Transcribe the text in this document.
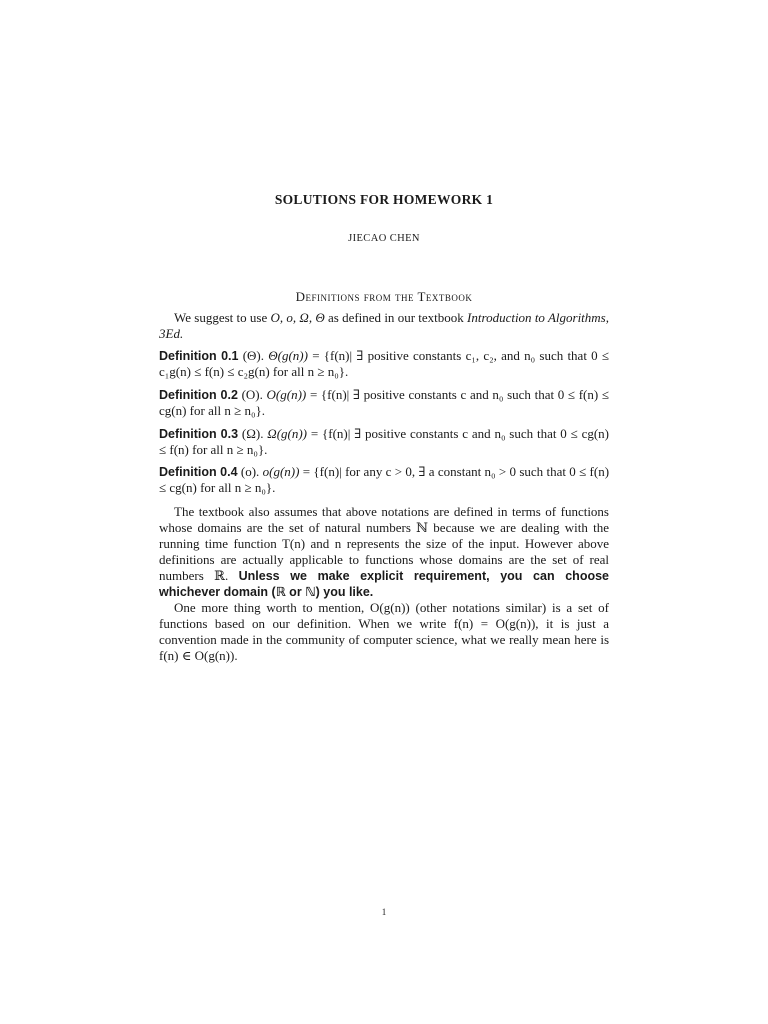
SOLUTIONS FOR HOMEWORK 1
JIECAO CHEN
Definitions from the Textbook

We suggest to use O, o, Ω, Θ as defined in our textbook Introduction to Algorithms, 3Ed.

Definition 0.1 (Θ). Θ(g(n)) = {f(n)| ∃ positive constants c₁, c₂, and n₀ such that 0 ≤ c₁g(n) ≤ f(n) ≤ c₂g(n) for all n ≥ n₀}.

Definition 0.2 (O). O(g(n)) = {f(n)| ∃ positive constants c and n₀ such that 0 ≤ f(n) ≤ cg(n) for all n ≥ n₀}.

Definition 0.3 (Ω). Ω(g(n)) = {f(n)| ∃ positive constants c and n₀ such that 0 ≤ cg(n) ≤ f(n) for all n ≥ n₀}.

Definition 0.4 (o). o(g(n)) = {f(n)| for any c > 0, ∃ a constant n₀ > 0 such that 0 ≤ f(n) ≤ cg(n) for all n ≥ n₀}.

The textbook also assumes that above notations are defined in terms of functions whose domains are the set of natural numbers ℕ because we are dealing with the running time function T(n) and n represents the size of the input. However above definitions are actually applicable to functions whose domains are the set of real numbers ℝ. Unless we make explicit requirement, you can choose whichever domain (ℝ or ℕ) you like.

One more thing worth to mention, O(g(n)) (other notations similar) is a set of functions based on our definition. When we write f(n) = O(g(n)), it is just a convention made in the community of computer science, what we really mean here is f(n) ∈ O(g(n)).

1
